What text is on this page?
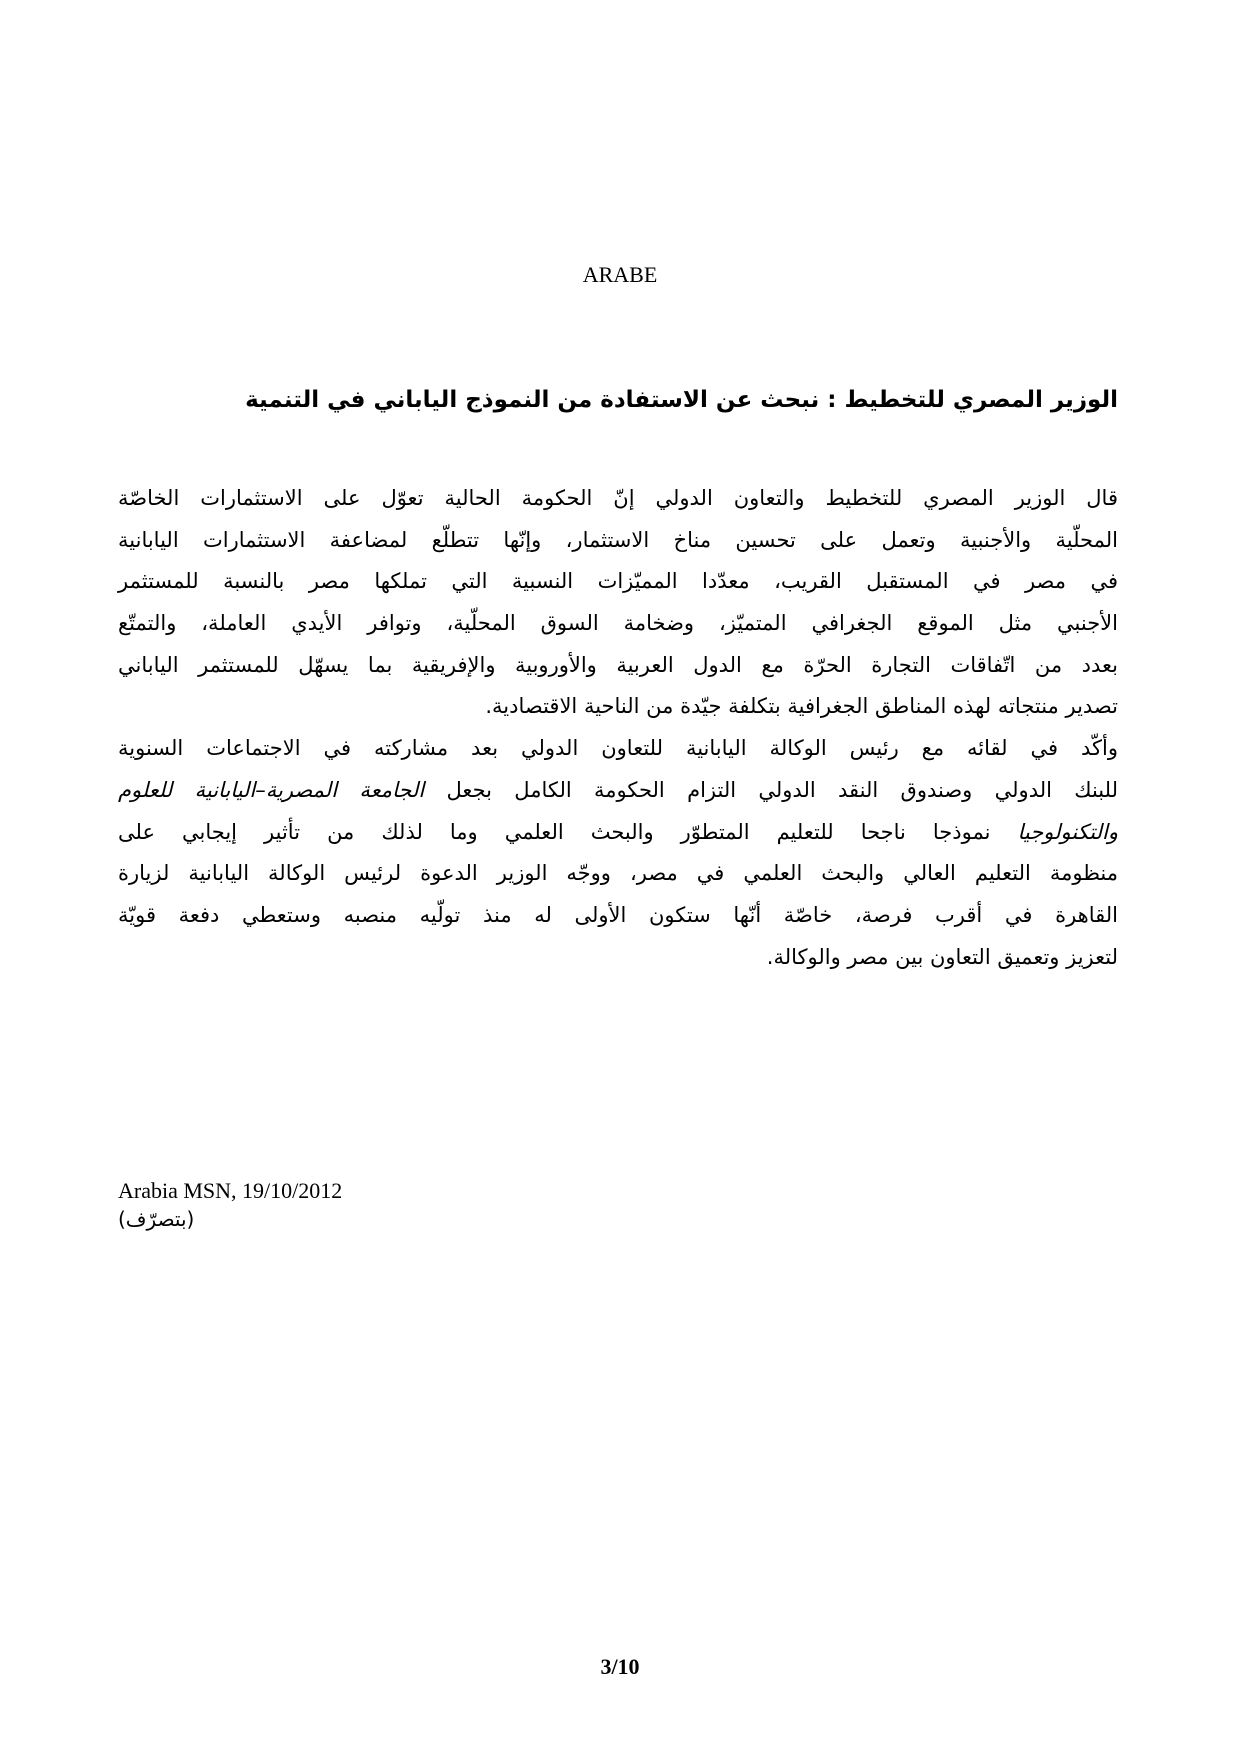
ARABE
الوزير المصري للتخطيط : نبحث عن الاستفادة من النموذج الياباني في التنمية
قال الوزير المصري للتخطيط والتعاون الدولي إنّ الحكومة الحالية تعوّل على الاستثمارات الخاصّة
المحلّية والأجنبية وتعمل على تحسين مناخ الاستثمار، وإنّها تتطلّع لمضاعفة الاستثمارات اليابانية
في مصر في المستقبل القريب، معدّدا المميّزات النسبية التي تملكها مصر بالنسبة للمستثمر
الأجنبي مثل الموقع الجغرافي المتميّز، وضخامة السوق المحلّية، وتوافر الأيدي العاملة، والتمتّع
بعدد من اتّفاقات التجارة الحرّة مع الدول العربية والأوروبية والإفريقية بما يسهّل للمستثمر الياباني
تصدير منتجاته لهذه المناطق الجغرافية بتكلفة جيّدة من الناحية الاقتصادية.
وأكّد في لقائه مع رئيس الوكالة اليابانية للتعاون الدولي بعد مشاركته في الاجتماعات السنوية
للبنك الدولي وصندوق النقد الدولي التزام الحكومة الكامل بجعل الجامعة المصرية–اليابانية للعلوم
والتكنولوجيا نموذجا ناجحا للتعليم المتطوّر والبحث العلمي وما لذلك من تأثير إيجابي على
منظومة التعليم العالي والبحث العلمي في مصر، ووجّه الوزير الدعوة لرئيس الوكالة اليابانية لزيارة
القاهرة في أقرب فرصة، خاصّة أنّها ستكون الأولى له منذ تولّيه منصبه وستعطي دفعة قويّة
لتعزيز وتعميق التعاون بين مصر والوكالة.
Arabia MSN, 19/10/2012
(بتصرّف)
3/10
